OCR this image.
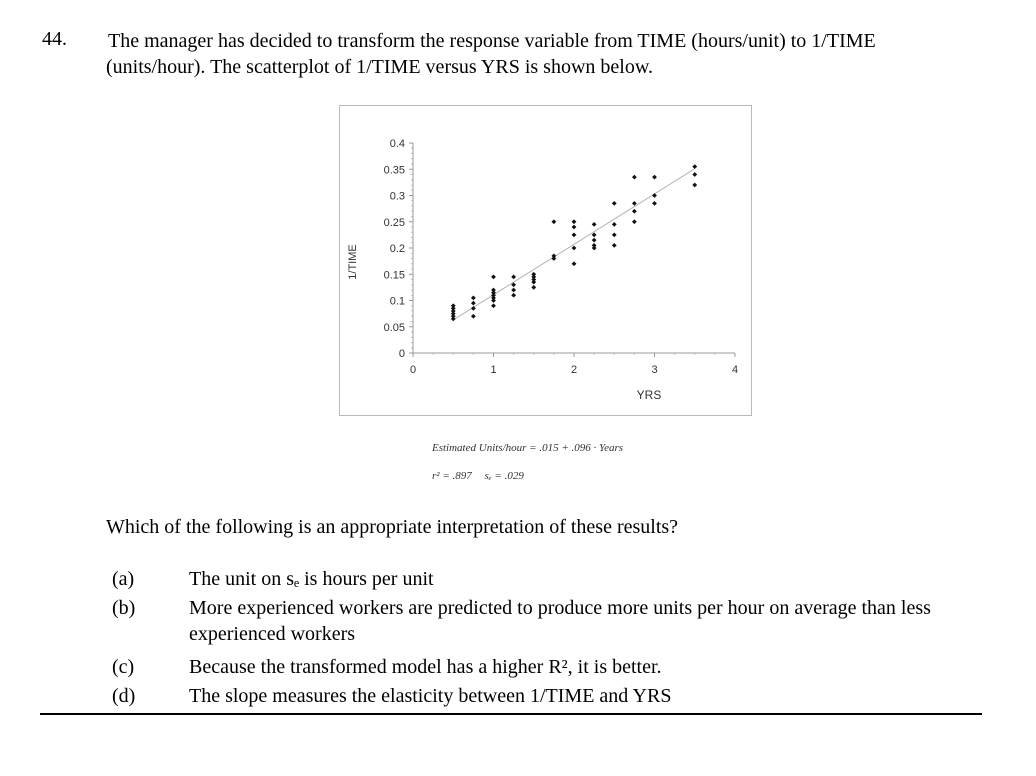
44. The manager has decided to transform the response variable from TIME (hours/unit) to 1/TIME
(units/hour). The scatterplot of 1/TIME versus YRS is shown below.
0
0.05
0.1
0.15
0.2
0.25
0.3
0.35
0.4
0	1	2	3	4
YRS
1/TIME
Estimated Units/hour = .015 + .096 · Years
r² = .897 sₑ = .029
Which of the following is an appropriate interpretation of these results?
(a)	The unit on sₑ is hours per unit
(b)	More experienced workers are predicted to produce more units per hour on average than less experienced workers
(c)	Because the transformed model has a higher R², it is better.
(d)	The slope measures the elasticity between 1/TIME and YRS
